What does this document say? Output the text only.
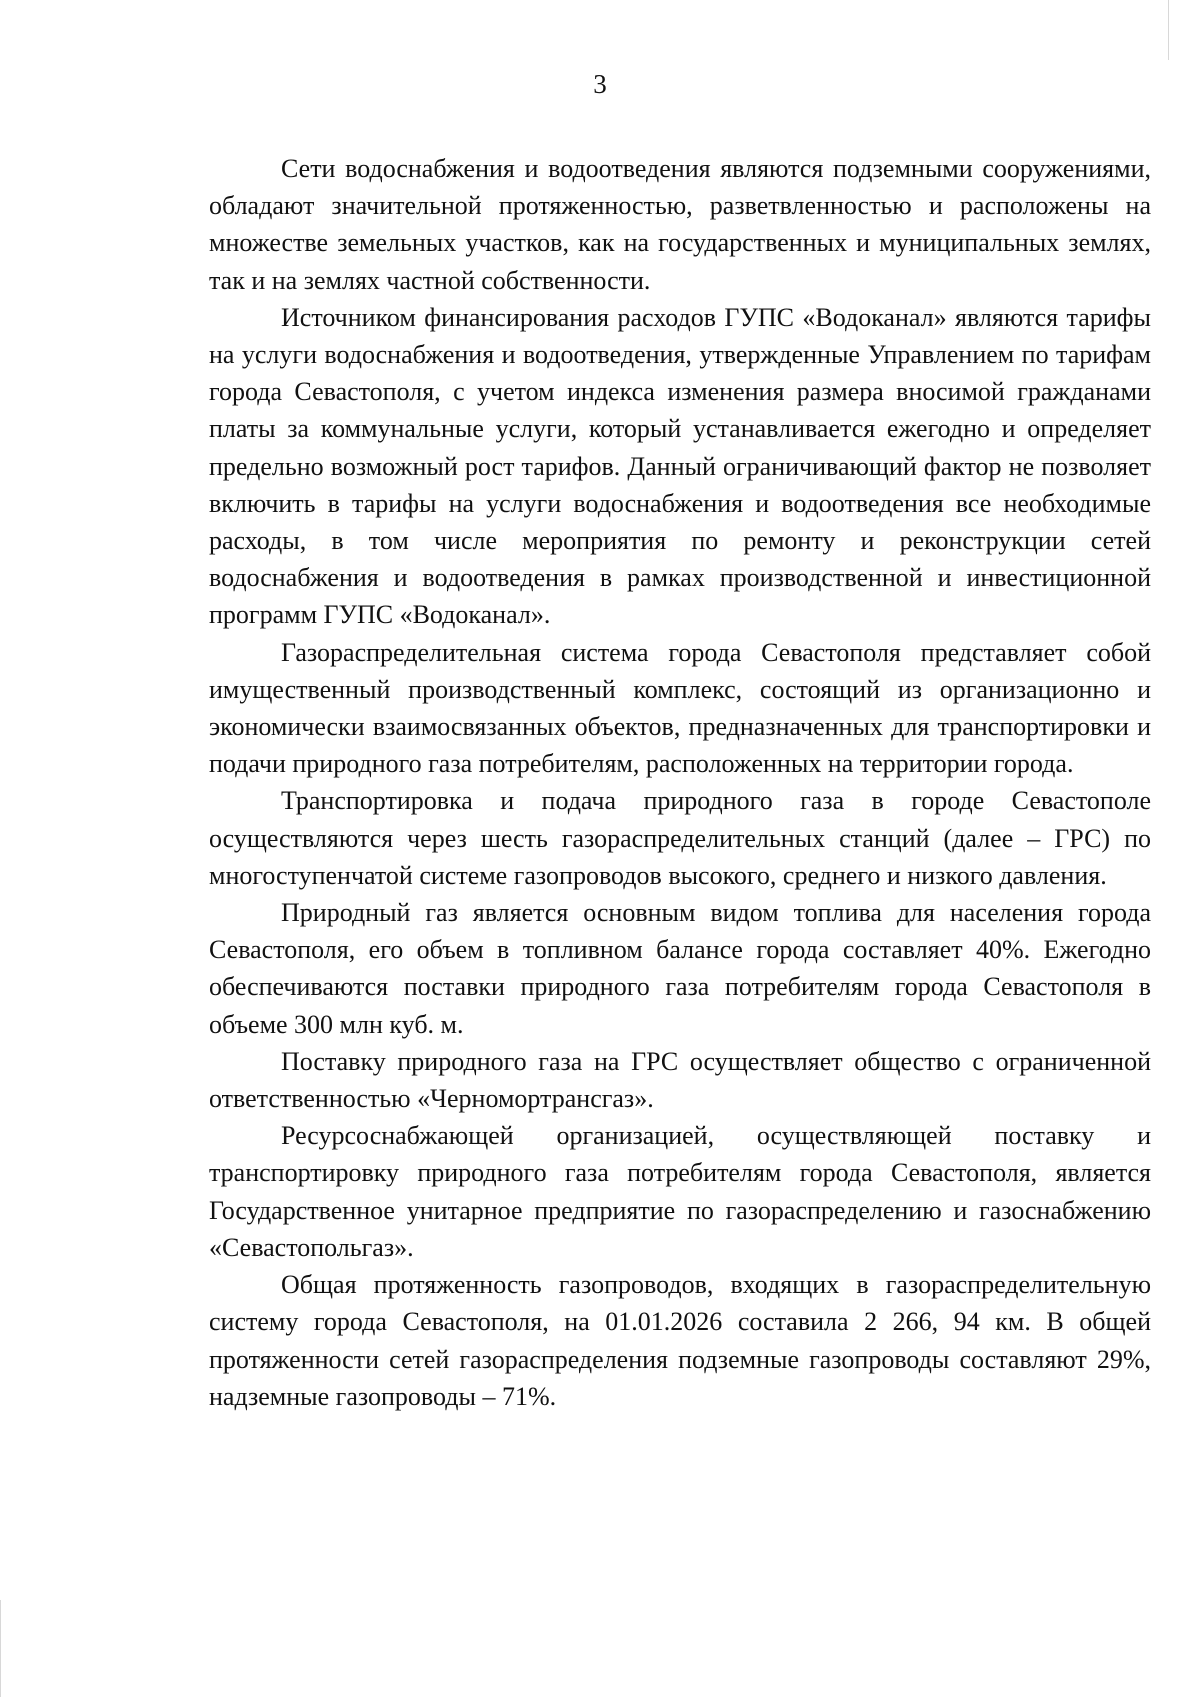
3

Сети водоснабжения и водоотведения являются подземными сооружениями, обладают значительной протяженностью, разветвленностью и расположены на множестве земельных участков, как на государственных и муниципальных землях, так и на землях частной собственности.

Источником финансирования расходов ГУПС «Водоканал» являются тарифы на услуги водоснабжения и водоотведения, утвержденные Управлением по тарифам города Севастополя, с учетом индекса изменения размера вносимой гражданами платы за коммунальные услуги, который устанавливается ежегодно и определяет предельно возможный рост тарифов. Данный ограничивающий фактор не позволяет включить в тарифы на услуги водоснабжения и водоотведения все необходимые расходы, в том числе мероприятия по ремонту и реконструкции сетей водоснабжения и водоотведения в рамках производственной и инвестиционной программ ГУПС «Водоканал».

Газораспределительная система города Севастополя представляет собой имущественный производственный комплекс, состоящий из организационно и экономически взаимосвязанных объектов, предназначенных для транспортировки и подачи природного газа потребителям, расположенных на территории города.

Транспортировка и подача природного газа в городе Севастополе осуществляются через шесть газораспределительных станций (далее – ГРС) по многоступенчатой системе газопроводов высокого, среднего и низкого давления.

Природный газ является основным видом топлива для населения города Севастополя, его объем в топливном балансе города составляет 40%. Ежегодно обеспечиваются поставки природного газа потребителям города Севастополя в объеме 300 млн куб. м.

Поставку природного газа на ГРС осуществляет общество с ограниченной ответственностью «Черномортрансгаз».

Ресурсоснабжающей организацией, осуществляющей поставку и транспортировку природного газа потребителям города Севастополя, является Государственное унитарное предприятие по газораспределению и газоснабжению «Севастопольгаз».

Общая протяженность газопроводов, входящих в газораспределительную систему города Севастополя, на 01.01.2026 составила 2 266, 94 км. В общей протяженности сетей газораспределения подземные газопроводы составляют 29%, надземные газопроводы – 71%.
